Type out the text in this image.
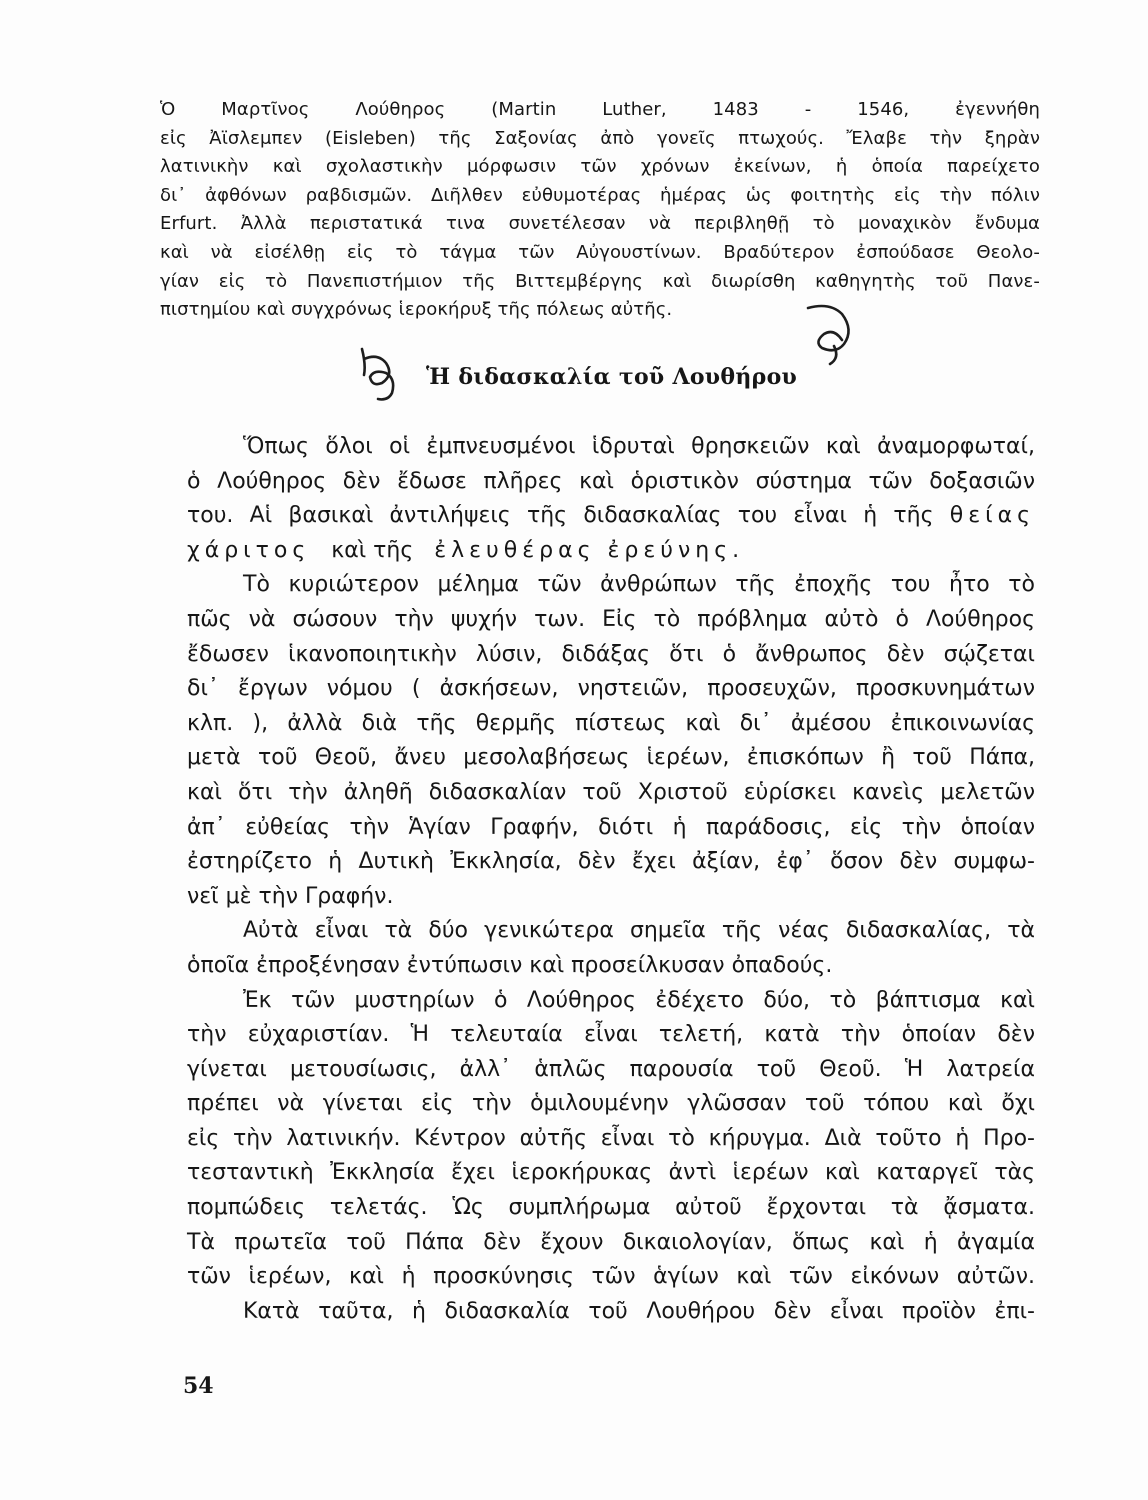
Ὁ Μαρτῖνος Λούθηρος (Martin Luther, 1483 - 1546, ἐγεννήθη
εἰς Ἀϊσλεμπεν (Eisleben) τῆς Σαξονίας ἀπὸ γονεῖς πτωχούς. Ἔλαβε τὴν ξηρὰν
λατινικὴν καὶ σχολαστικὴν μόρφωσιν τῶν χρόνων ἐκείνων, ἡ ὁποία παρείχετο
δι᾽ ἀφθόνων ραβδισμῶν. Διῆλθεν εὐθυμοτέρας ἡμέρας ὡς φοιτητὴς εἰς τὴν πόλιν
Erfurt. Ἀλλὰ περιστατικά τινα συνετέλεσαν νὰ περιβληθῇ τὸ μοναχικὸν ἔνδυμα
καὶ νὰ εἰσέλθῃ εἰς τὸ τάγμα τῶν Αὐγουστίνων. Βραδύτερον ἐσπούδασε Θεολο-
γίαν εἰς τὸ Πανεπιστήμιον τῆς Βιττεμβέργης καὶ διωρίσθη καθηγητὴς τοῦ Πανε-
πιστημίου καὶ συγχρόνως ἱεροκήρυξ τῆς πόλεως αὐτῆς.
Ἡ διδασκαλία τοῦ Λουθήρου
Ὅπως ὅλοι οἱ ἐμπνευσμένοι ἱδρυταὶ θρησκειῶν καὶ ἀναμορφωταί,
ὁ Λούθηρος δὲν ἔδωσε πλῆρες καὶ ὁριστικὸν σύστημα τῶν δοξασιῶν
του. Αἱ βασικαὶ ἀντιλήψεις τῆς διδασκαλίας του εἶναι ἡ τῆς θείας
χάριτος καὶ τῆς ἐλευθέρας ἐρεύνης.
Τὸ κυριώτερον μέλημα τῶν ἀνθρώπων τῆς ἐποχῆς του ἦτο τὸ
πῶς νὰ σώσουν τὴν ψυχήν των. Εἰς τὸ πρόβλημα αὐτὸ ὁ Λούθηρος
ἔδωσεν ἱκανοποιητικὴν λύσιν, διδάξας ὅτι ὁ ἄνθρωπος δὲν σῴζεται
δι᾽ ἔργων νόμου ( ἀσκήσεων, νηστειῶν, προσευχῶν, προσκυνημάτων
κλπ. ), ἀλλὰ διὰ τῆς θερμῆς πίστεως καὶ δι᾽ ἀμέσου ἐπικοινωνίας
μετὰ τοῦ Θεοῦ, ἄνευ μεσολαβήσεως ἱερέων, ἐπισκόπων ἢ τοῦ Πάπα,
καὶ ὅτι τὴν ἀληθῆ διδασκαλίαν τοῦ Χριστοῦ εὑρίσκει κανεὶς μελετῶν
ἀπ᾽ εὐθείας τὴν Ἁγίαν Γραφήν, διότι ἡ παράδοσις, εἰς τὴν ὁποίαν
ἐστηρίζετο ἡ Δυτικὴ Ἐκκλησία, δὲν ἔχει ἀξίαν, ἐφ᾽ ὅσον δὲν συμφω-
νεῖ μὲ τὴν Γραφήν.
Αὐτὰ εἶναι τὰ δύο γενικώτερα σημεῖα τῆς νέας διδασκαλίας, τὰ
ὁποῖα ἐπροξένησαν ἐντύπωσιν καὶ προσείλκυσαν ὀπαδούς.
Ἐκ τῶν μυστηρίων ὁ Λούθηρος ἐδέχετο δύο, τὸ βάπτισμα καὶ
τὴν εὐχαριστίαν. Ἡ τελευταία εἶναι τελετή, κατὰ τὴν ὁποίαν δὲν
γίνεται μετουσίωσις, ἀλλ᾽ ἁπλῶς παρουσία τοῦ Θεοῦ. Ἡ λατρεία
πρέπει νὰ γίνεται εἰς τὴν ὁμιλουμένην γλῶσσαν τοῦ τόπου καὶ ὄχι
εἰς τὴν λατινικήν. Κέντρον αὐτῆς εἶναι τὸ κήρυγμα. Διὰ τοῦτο ἡ Προ-
τεσταντικὴ Ἐκκλησία ἔχει ἱεροκήρυκας ἀντὶ ἱερέων καὶ καταργεῖ τὰς
πομπώδεις τελετάς. Ὡς συμπλήρωμα αὐτοῦ ἔρχονται τὰ ᾄσματα.
Τὰ πρωτεῖα τοῦ Πάπα δὲν ἔχουν δικαιολογίαν, ὅπως καὶ ἡ ἀγαμία
τῶν ἱερέων, καὶ ἡ προσκύνησις τῶν ἁγίων καὶ τῶν εἰκόνων αὐτῶν.
Κατὰ ταῦτα, ἡ διδασκαλία τοῦ Λουθήρου δὲν εἶναι προϊὸν ἐπι-
54
